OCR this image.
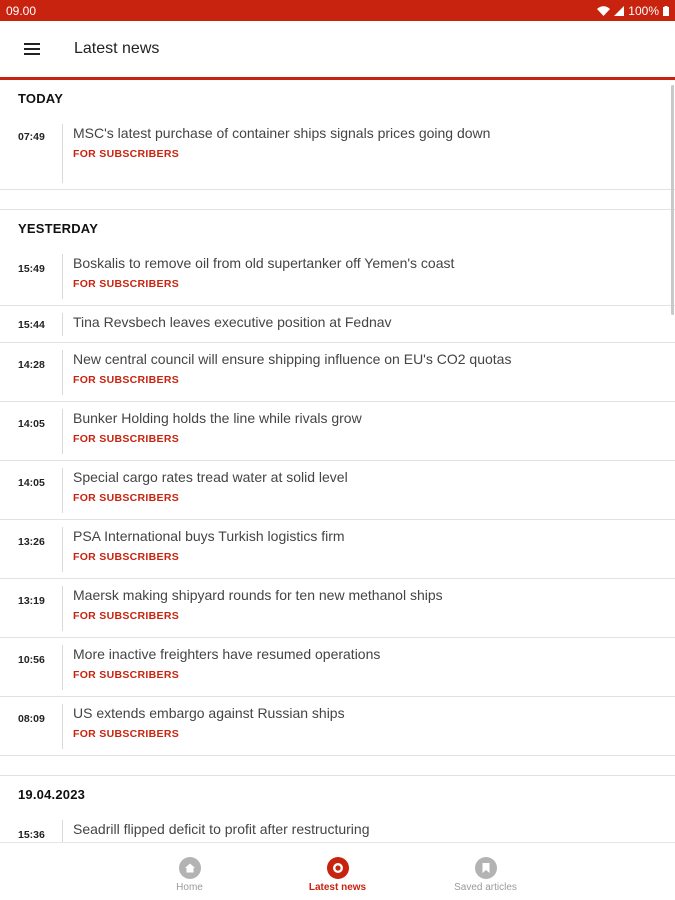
09.00	100%
Latest news
TODAY
07:49	MSC's latest purchase of container ships signals prices going down
FOR SUBSCRIBERS
YESTERDAY
15:49	Boskalis to remove oil from old supertanker off Yemen's coast
FOR SUBSCRIBERS
15:44	Tina Revsbech leaves executive position at Fednav
14:28	New central council will ensure shipping influence on EU's CO2 quotas
FOR SUBSCRIBERS
14:05	Bunker Holding holds the line while rivals grow
FOR SUBSCRIBERS
14:05	Special cargo rates tread water at solid level
FOR SUBSCRIBERS
13:26	PSA International buys Turkish logistics firm
FOR SUBSCRIBERS
13:19	Maersk making shipyard rounds for ten new methanol ships
FOR SUBSCRIBERS
10:56	More inactive freighters have resumed operations
FOR SUBSCRIBERS
08:09	US extends embargo against Russian ships
FOR SUBSCRIBERS
19.04.2023
15:36	Seadrill flipped deficit to profit after restructuring
Home	Latest news	Saved articles
